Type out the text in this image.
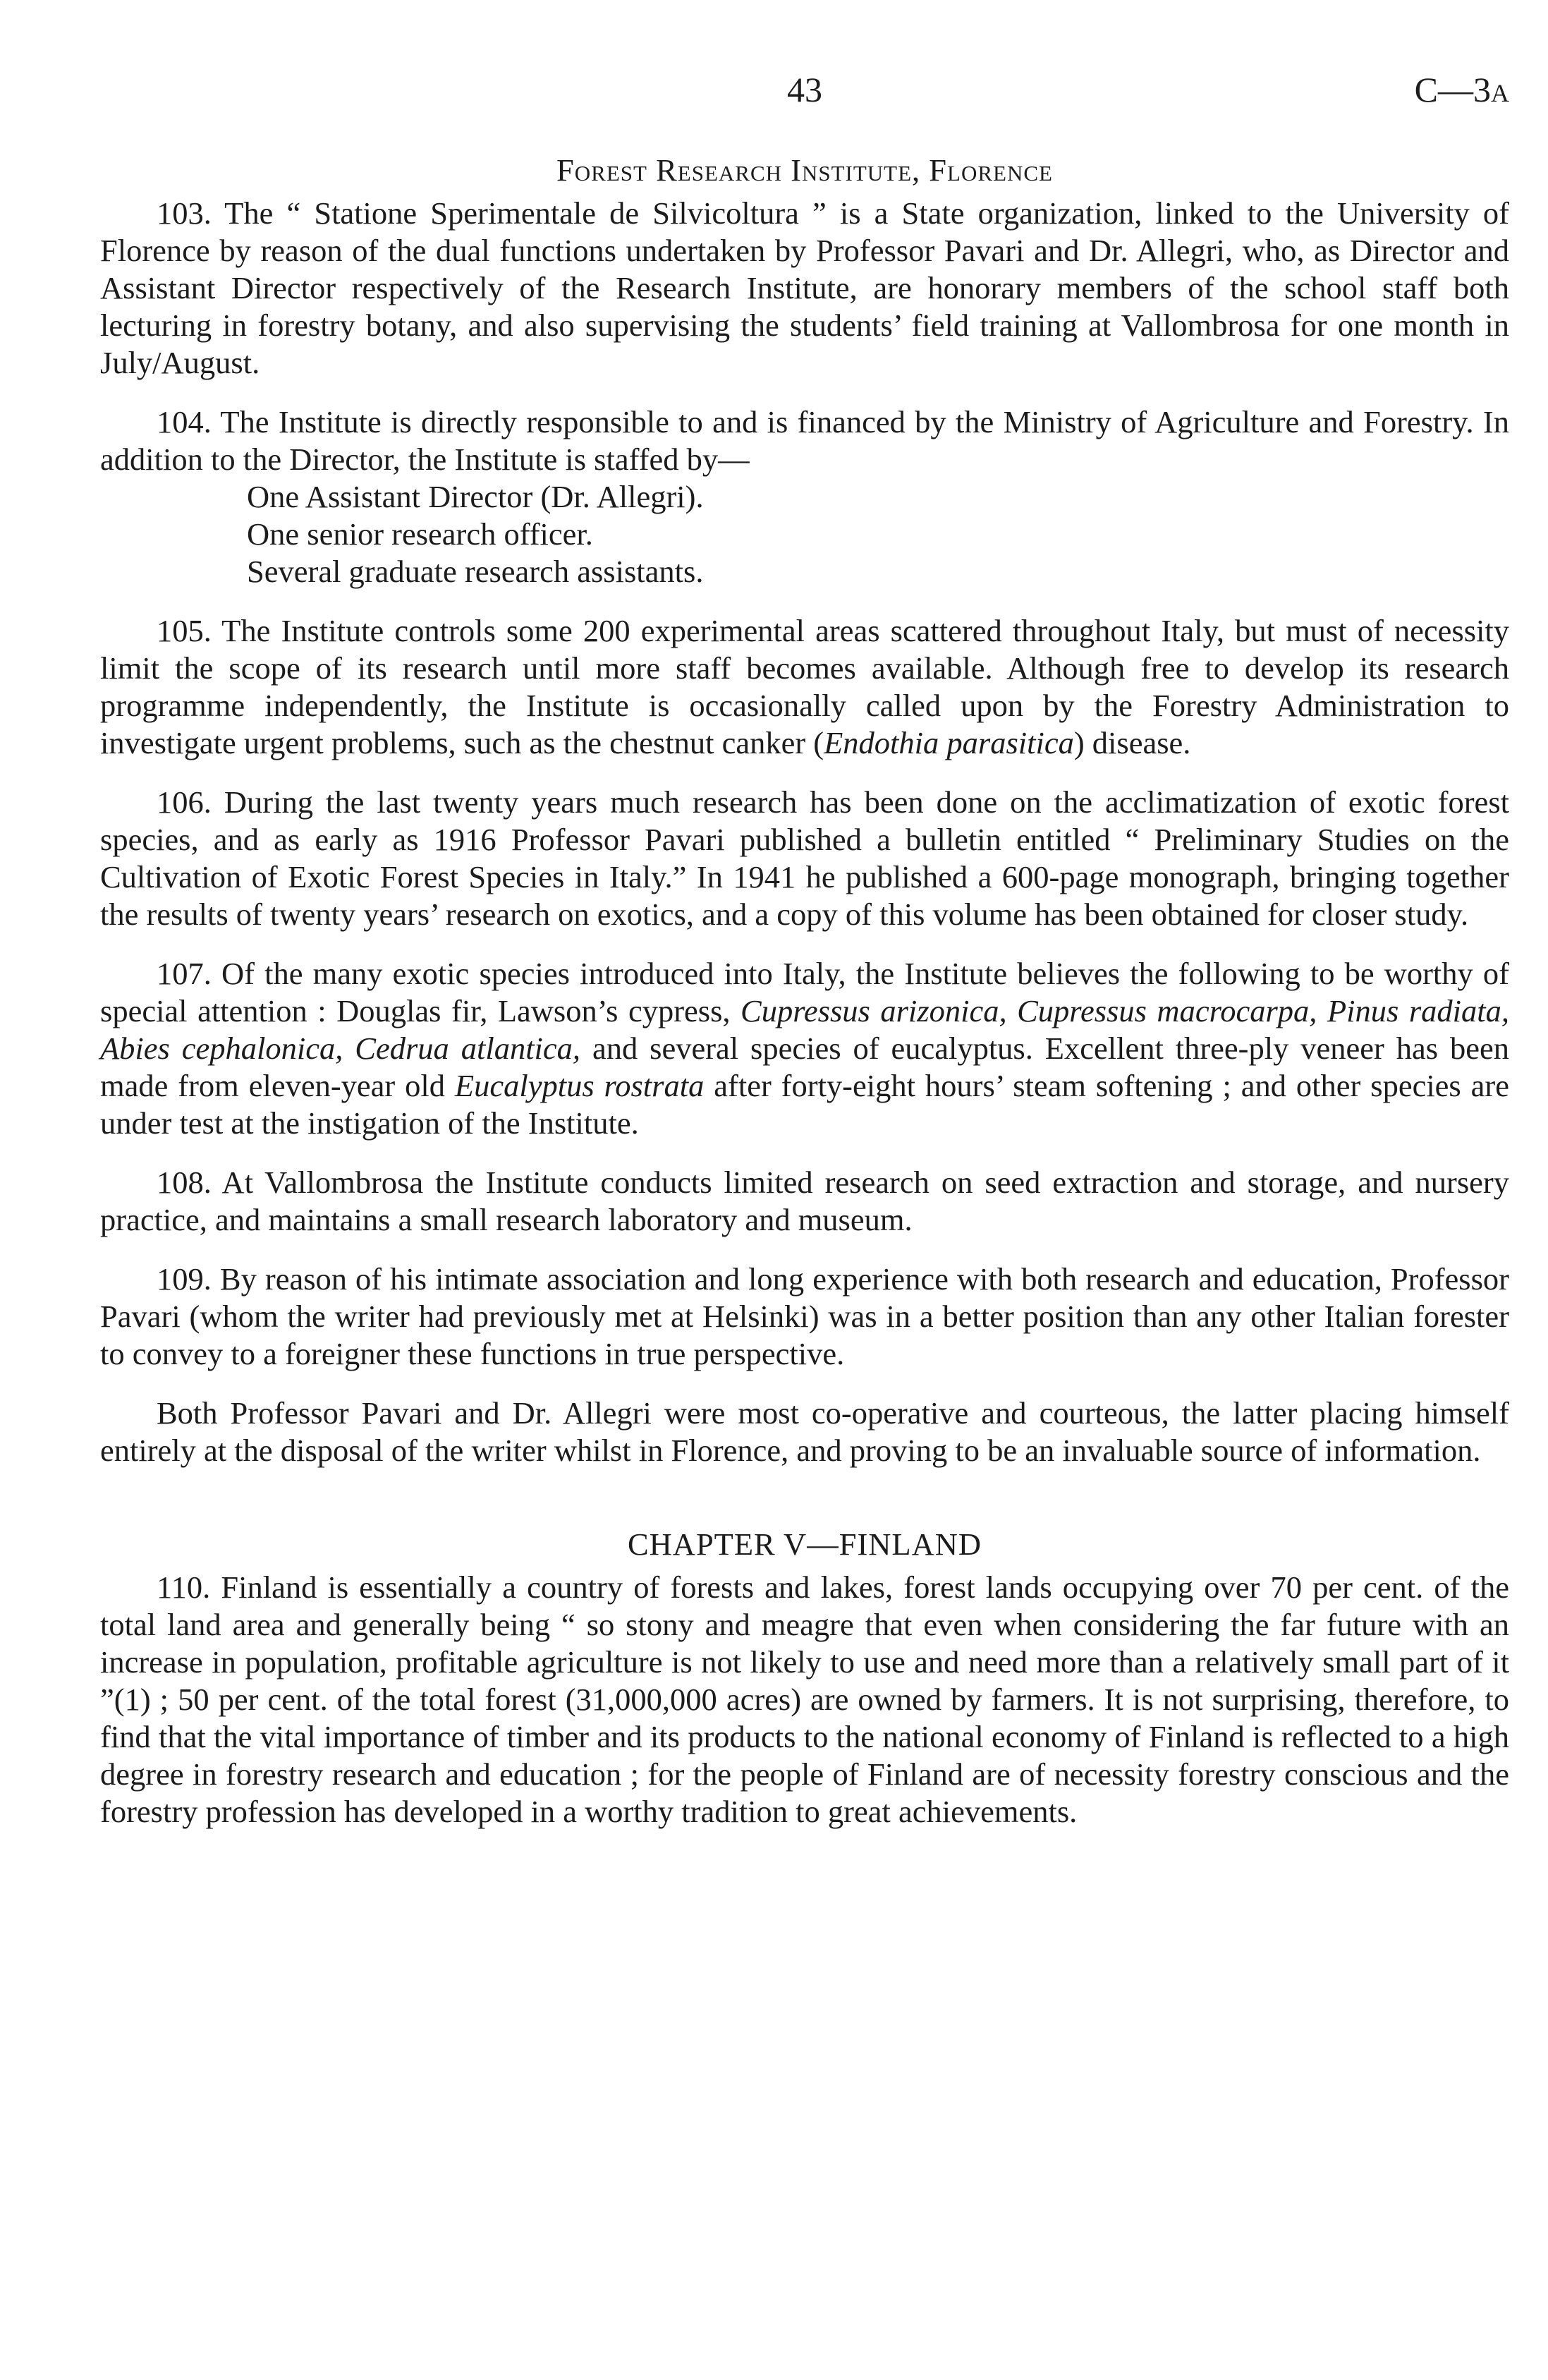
43	C—3A
Forest Research Institute, Florence

103. The “ Statione Sperimentale de Silvicoltura ” is a State organization, linked to the University of Florence by reason of the dual functions undertaken by Professor Pavari and Dr. Allegri, who, as Director and Assistant Director respectively of the Research Institute, are honorary members of the school staff both lecturing in forestry botany, and also supervising the students’ field training at Vallombrosa for one month in July/August.

104. The Institute is directly responsible to and is financed by the Ministry of Agriculture and Forestry. In addition to the Director, the Institute is staffed by—

One Assistant Director (Dr. Allegri).
One senior research officer.
Several graduate research assistants.

105. The Institute controls some 200 experimental areas scattered throughout Italy, but must of necessity limit the scope of its research until more staff becomes available. Although free to develop its research programme independently, the Institute is occasionally called upon by the Forestry Administration to investigate urgent problems, such as the chestnut canker (Endothia parasitica) disease.

106. During the last twenty years much research has been done on the acclimatization of exotic forest species, and as early as 1916 Professor Pavari published a bulletin entitled “ Preliminary Studies on the Cultivation of Exotic Forest Species in Italy.” In 1941 he published a 600-page monograph, bringing together the results of twenty years’ research on exotics, and a copy of this volume has been obtained for closer study.

107. Of the many exotic species introduced into Italy, the Institute believes the following to be worthy of special attention : Douglas fir, Lawson’s cypress, Cupressus arizonica, Cupressus macrocarpa, Pinus radiata, Abies cephalonica, Cedrua atlantica, and several species of eucalyptus. Excellent three-ply veneer has been made from eleven-year old Eucalyptus rostrata after forty-eight hours’ steam softening ; and other species are under test at the instigation of the Institute.

108. At Vallombrosa the Institute conducts limited research on seed extraction and storage, and nursery practice, and maintains a small research laboratory and museum.

109. By reason of his intimate association and long experience with both research and education, Professor Pavari (whom the writer had previously met at Helsinki) was in a better position than any other Italian forester to convey to a foreigner these functions in true perspective.

Both Professor Pavari and Dr. Allegri were most co-operative and courteous, the latter placing himself entirely at the disposal of the writer whilst in Florence, and proving to be an invaluable source of information.

CHAPTER V—FINLAND

110. Finland is essentially a country of forests and lakes, forest lands occupying over 70 per cent. of the total land area and generally being “ so stony and meagre that even when considering the far future with an increase in population, profitable agriculture is not likely to use and need more than a relatively small part of it ”(1) ; 50 per cent. of the total forest (31,000,000 acres) are owned by farmers. It is not surprising, therefore, to find that the vital importance of timber and its products to the national economy of Finland is reflected to a high degree in forestry research and education ; for the people of Finland are of necessity forestry conscious and the forestry profession has developed in a worthy tradition to great achievements.
